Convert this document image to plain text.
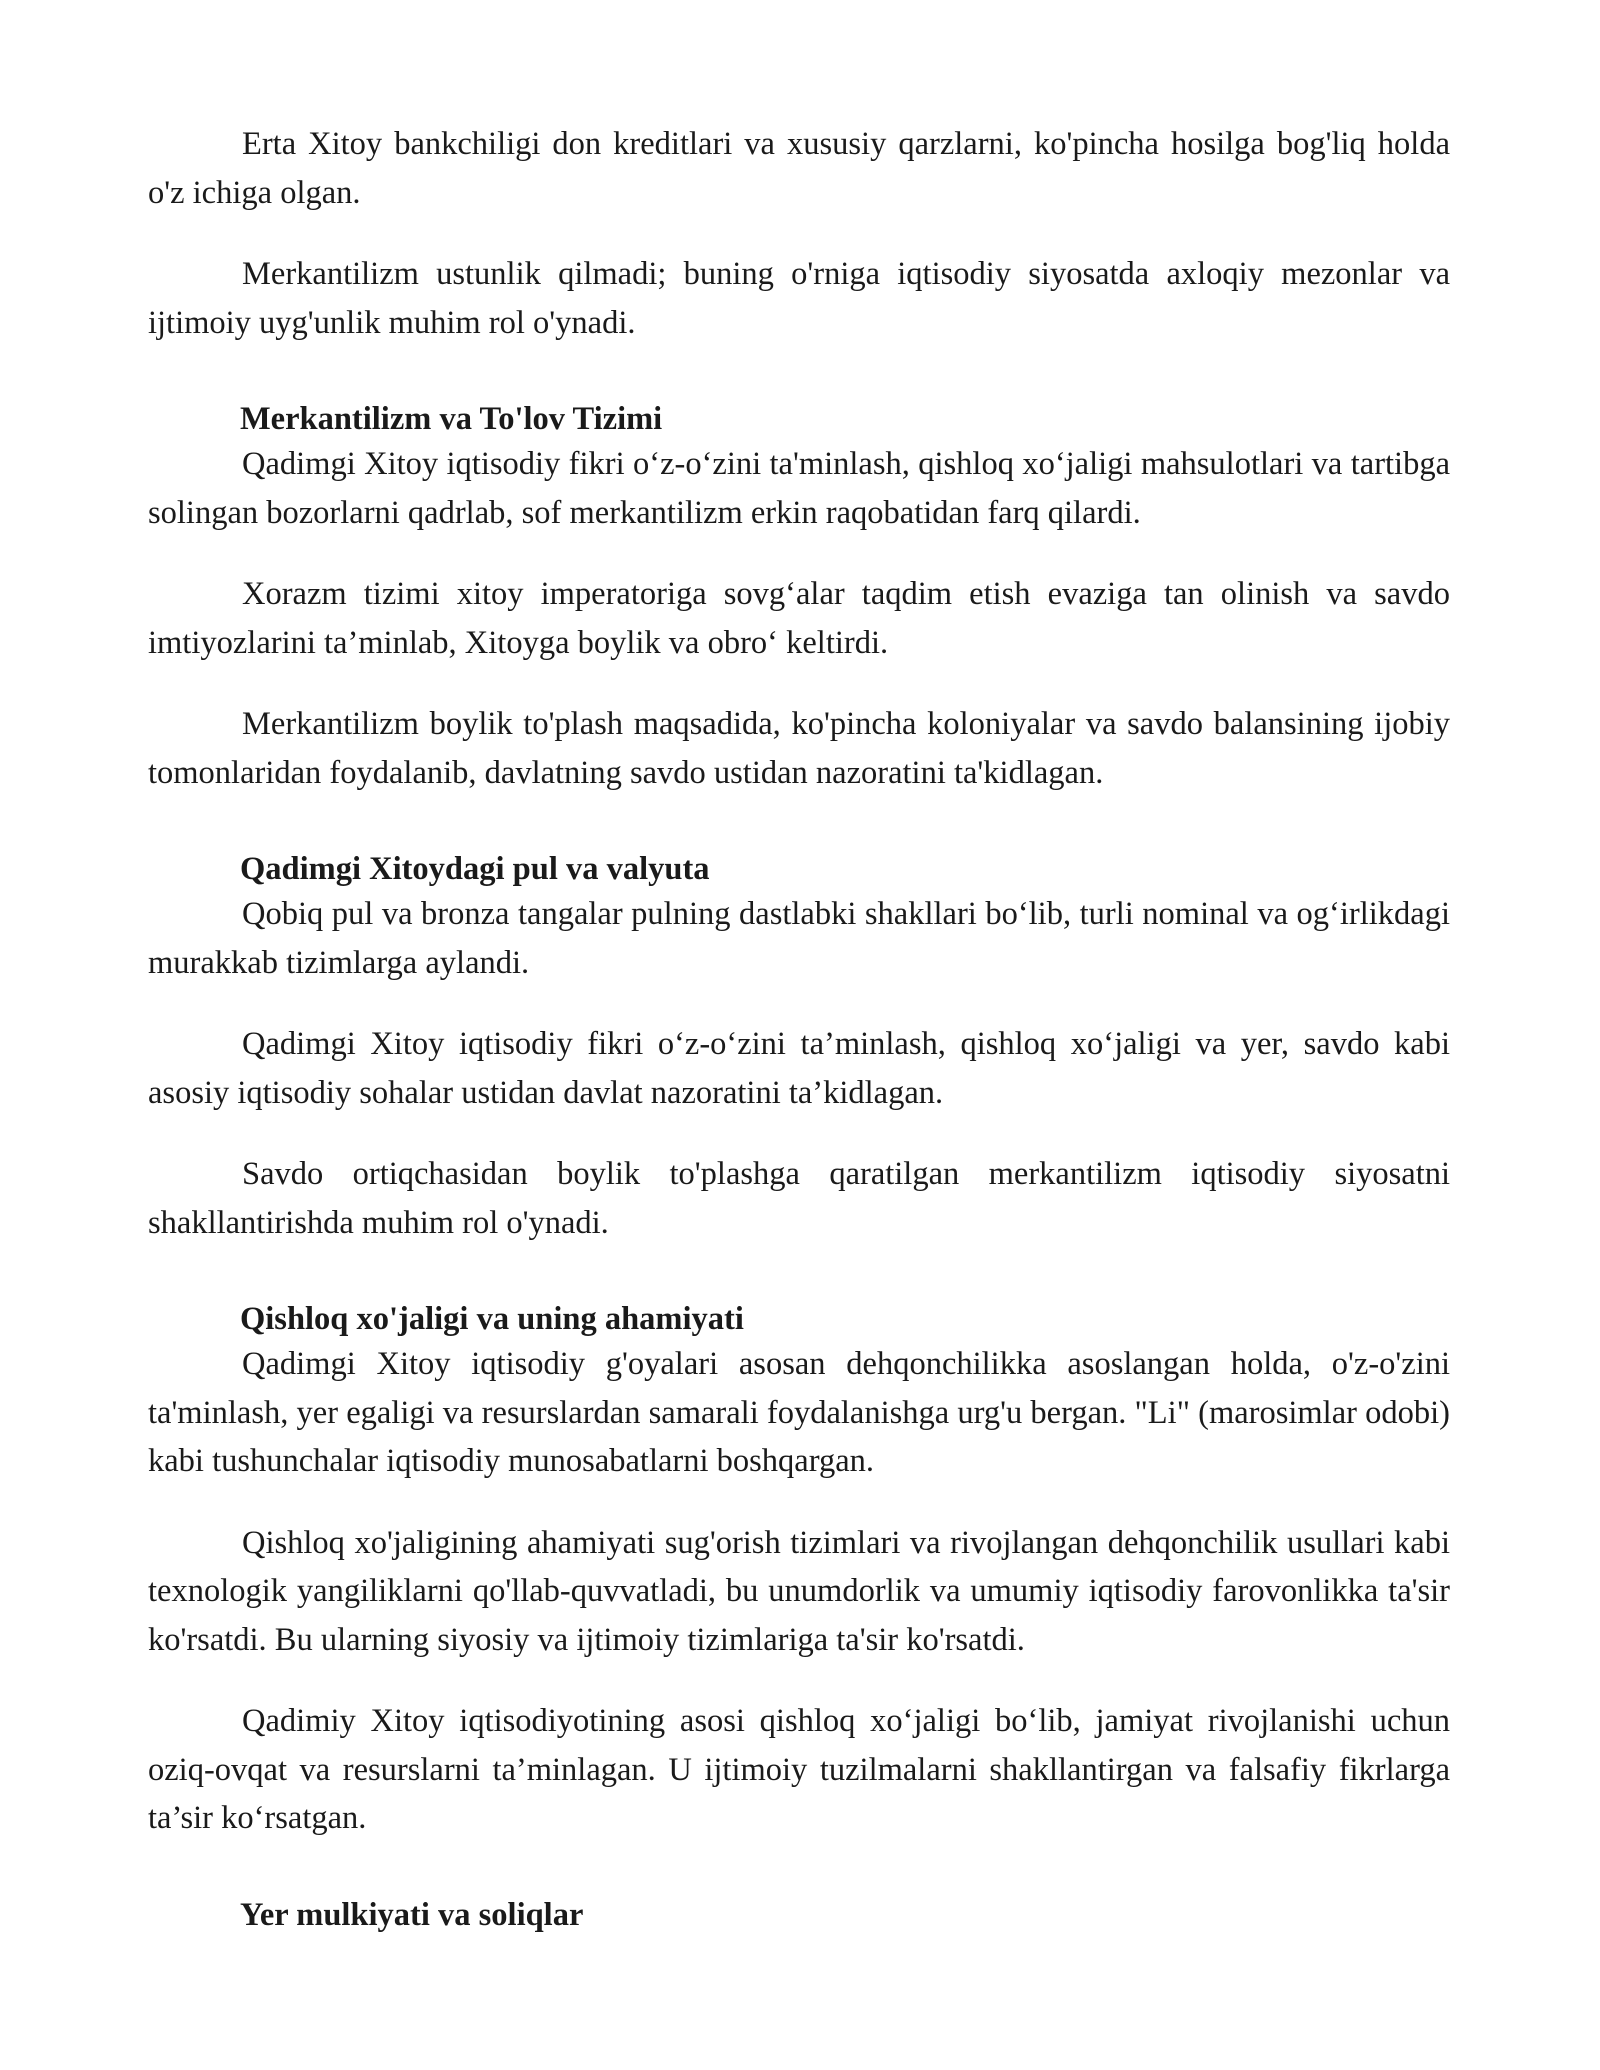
Erta Xitoy bankchiligi don kreditlari va xususiy qarzlarni, ko'pincha hosilga bog'liq holda o'z ichiga olgan.

Merkantilizm ustunlik qilmadi; buning o'rniga iqtisodiy siyosatda axloqiy mezonlar va ijtimoiy uyg'unlik muhim rol o'ynadi.

Merkantilizm va To'lov Tizimi

Qadimgi Xitoy iqtisodiy fikri o‘z-o‘zini ta'minlash, qishloq xo‘jaligi mahsulotlari va tartibga solingan bozorlarni qadrlab, sof merkantilizm erkin raqobatidan farq qilardi.

Xorazm tizimi xitoy imperatoriga sovg‘alar taqdim etish evaziga tan olinish va savdo imtiyozlarini ta’minlab, Xitoyga boylik va obro‘ keltirdi.

Merkantilizm boylik to'plash maqsadida, ko'pincha koloniyalar va savdo balansining ijobiy tomonlaridan foydalanib, davlatning savdo ustidan nazoratini ta'kidlagan.

Qadimgi Xitoydagi pul va valyuta

Qobiq pul va bronza tangalar pulning dastlabki shakllari bo‘lib, turli nominal va og‘irlikdagi murakkab tizimlarga aylandi.

Qadimgi Xitoy iqtisodiy fikri o‘z-o‘zini ta’minlash, qishloq xo‘jaligi va yer, savdo kabi asosiy iqtisodiy sohalar ustidan davlat nazoratini ta’kidlagan.

Savdo ortiqchasidan boylik to'plashga qaratilgan merkantilizm iqtisodiy siyosatni shakllantirishda muhim rol o'ynadi.

Qishloq xo'jaligi va uning ahamiyati

Qadimgi Xitoy iqtisodiy g'oyalari asosan dehqonchilikka asoslangan holda, o'z-o'zini ta'minlash, yer egaligi va resurslardan samarali foydalanishga urg'u bergan. "Li" (marosimlar odobi) kabi tushunchalar iqtisodiy munosabatlarni boshqargan.

Qishloq xo'jaligining ahamiyati sug'orish tizimlari va rivojlangan dehqonchilik usullari kabi texnologik yangiliklarni qo'llab-quvvatladi, bu unumdorlik va umumiy iqtisodiy farovonlikka ta'sir ko'rsatdi. Bu ularning siyosiy va ijtimoiy tizimlariga ta'sir ko'rsatdi.

Qadimiy Xitoy iqtisodiyotining asosi qishloq xo‘jaligi bo‘lib, jamiyat rivojlanishi uchun oziq-ovqat va resurslarni ta’minlagan. U ijtimoiy tuzilmalarni shakllantirgan va falsafiy fikrlarga ta’sir ko‘rsatgan.

Yer mulkiyati va soliqlar
